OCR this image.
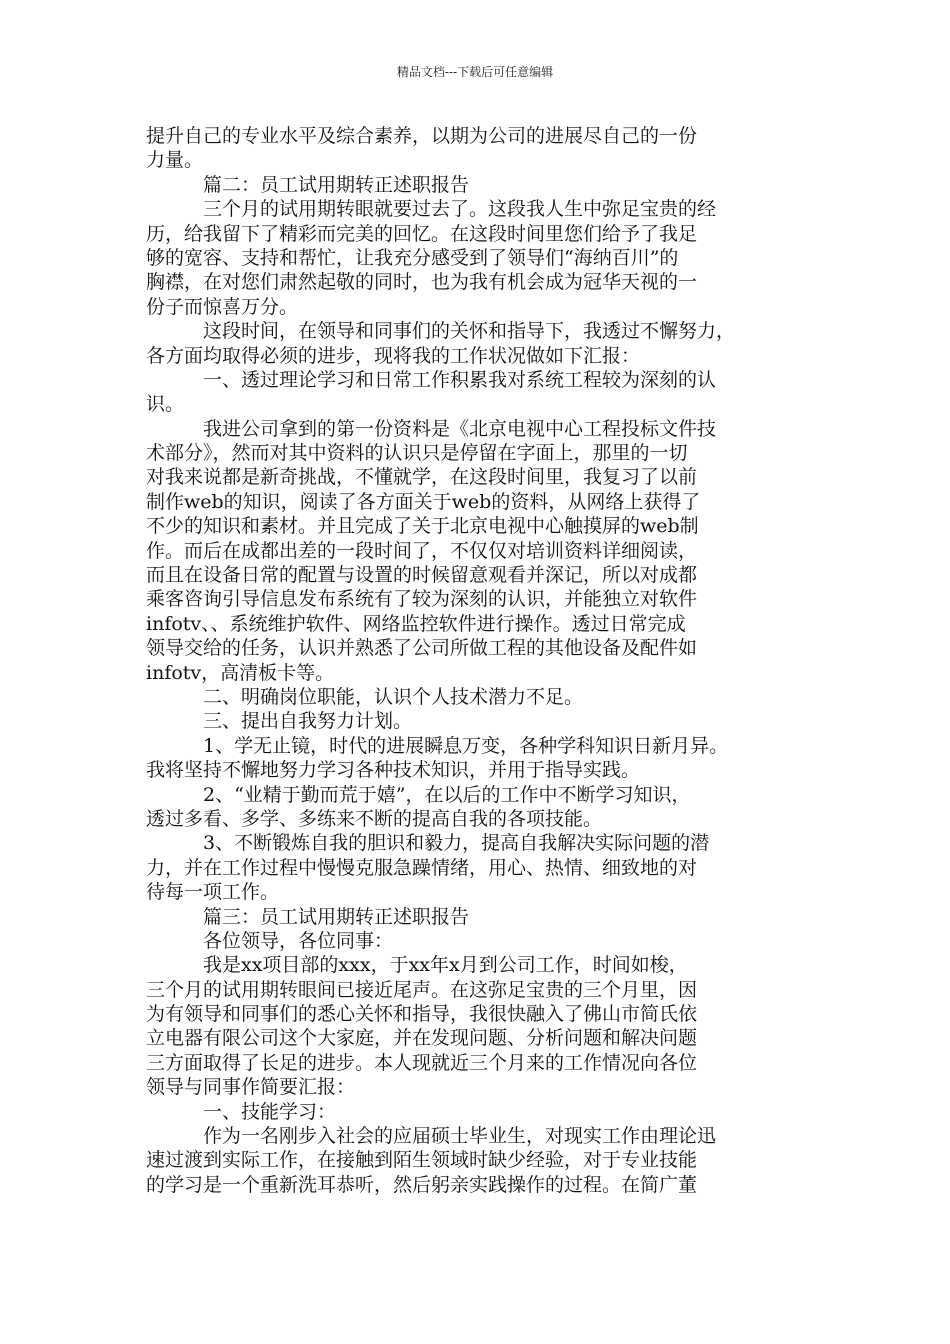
精品文档---下载后可任意编辑
提升自己的专业水平及综合素养，以期为公司的进展尽自己的一份
力量。
篇二：员工试用期转正述职报告
三个月的试用期转眼就要过去了。这段我人生中弥足宝贵的经
历，给我留下了精彩而完美的回忆。在这段时间里您们给予了我足
够的宽容、支持和帮忙，让我充分感受到了领导们“海纳百川”的
胸襟，在对您们肃然起敬的同时，也为我有机会成为冠华天视的一
份子而惊喜万分。
这段时间，在领导和同事们的关怀和指导下，我透过不懈努力，
各方面均取得必须的进步，现将我的工作状况做如下汇报：
一、透过理论学习和日常工作积累我对系统工程较为深刻的认
识。
我进公司拿到的第一份资料是《北京电视中心工程投标文件技
术部分》，然而对其中资料的认识只是停留在字面上，那里的一切
对我来说都是新奇挑战，不懂就学，在这段时间里，我复习了以前
制作web的知识，阅读了各方面关于web的资料，从网络上获得了
不少的知识和素材。并且完成了关于北京电视中心触摸屏的web制
作。而后在成都出差的一段时间了，不仅仅对培训资料详细阅读，
而且在设备日常的配置与设置的时候留意观看并深记，所以对成都
乘客咨询引导信息发布系统有了较为深刻的认识，并能独立对软件
infotv、、系统维护软件、网络监控软件进行操作。透过日常完成
领导交给的任务，认识并熟悉了公司所做工程的其他设备及配件如
infotv，高清板卡等。
二、明确岗位职能，认识个人技术潜力不足。
三、提出自我努力计划。
1、学无止镜，时代的进展瞬息万变，各种学科知识日新月异。
我将坚持不懈地努力学习各种技术知识，并用于指导实践。
2、“业精于勤而荒于嬉”，在以后的工作中不断学习知识，
透过多看、多学、多练来不断的提高自我的各项技能。
3、不断锻炼自我的胆识和毅力，提高自我解决实际问题的潜
力，并在工作过程中慢慢克服急躁情绪，用心、热情、细致地的对
待每一项工作。
篇三：员工试用期转正述职报告
各位领导，各位同事：
我是xx项目部的xxx，于xx年x月到公司工作，时间如梭，
三个月的试用期转眼间已接近尾声。在这弥足宝贵的三个月里，因
为有领导和同事们的悉心关怀和指导，我很快融入了佛山市简氏依
立电器有限公司这个大家庭，并在发现问题、分析问题和解决问题
三方面取得了长足的进步。本人现就近三个月来的工作情况向各位
领导与同事作简要汇报：
一、技能学习：
作为一名刚步入社会的应届硕士毕业生，对现实工作由理论迅
速过渡到实际工作，在接触到陌生领域时缺少经验，对于专业技能
的学习是一个重新洗耳恭听，然后躬亲实践操作的过程。在简广董
